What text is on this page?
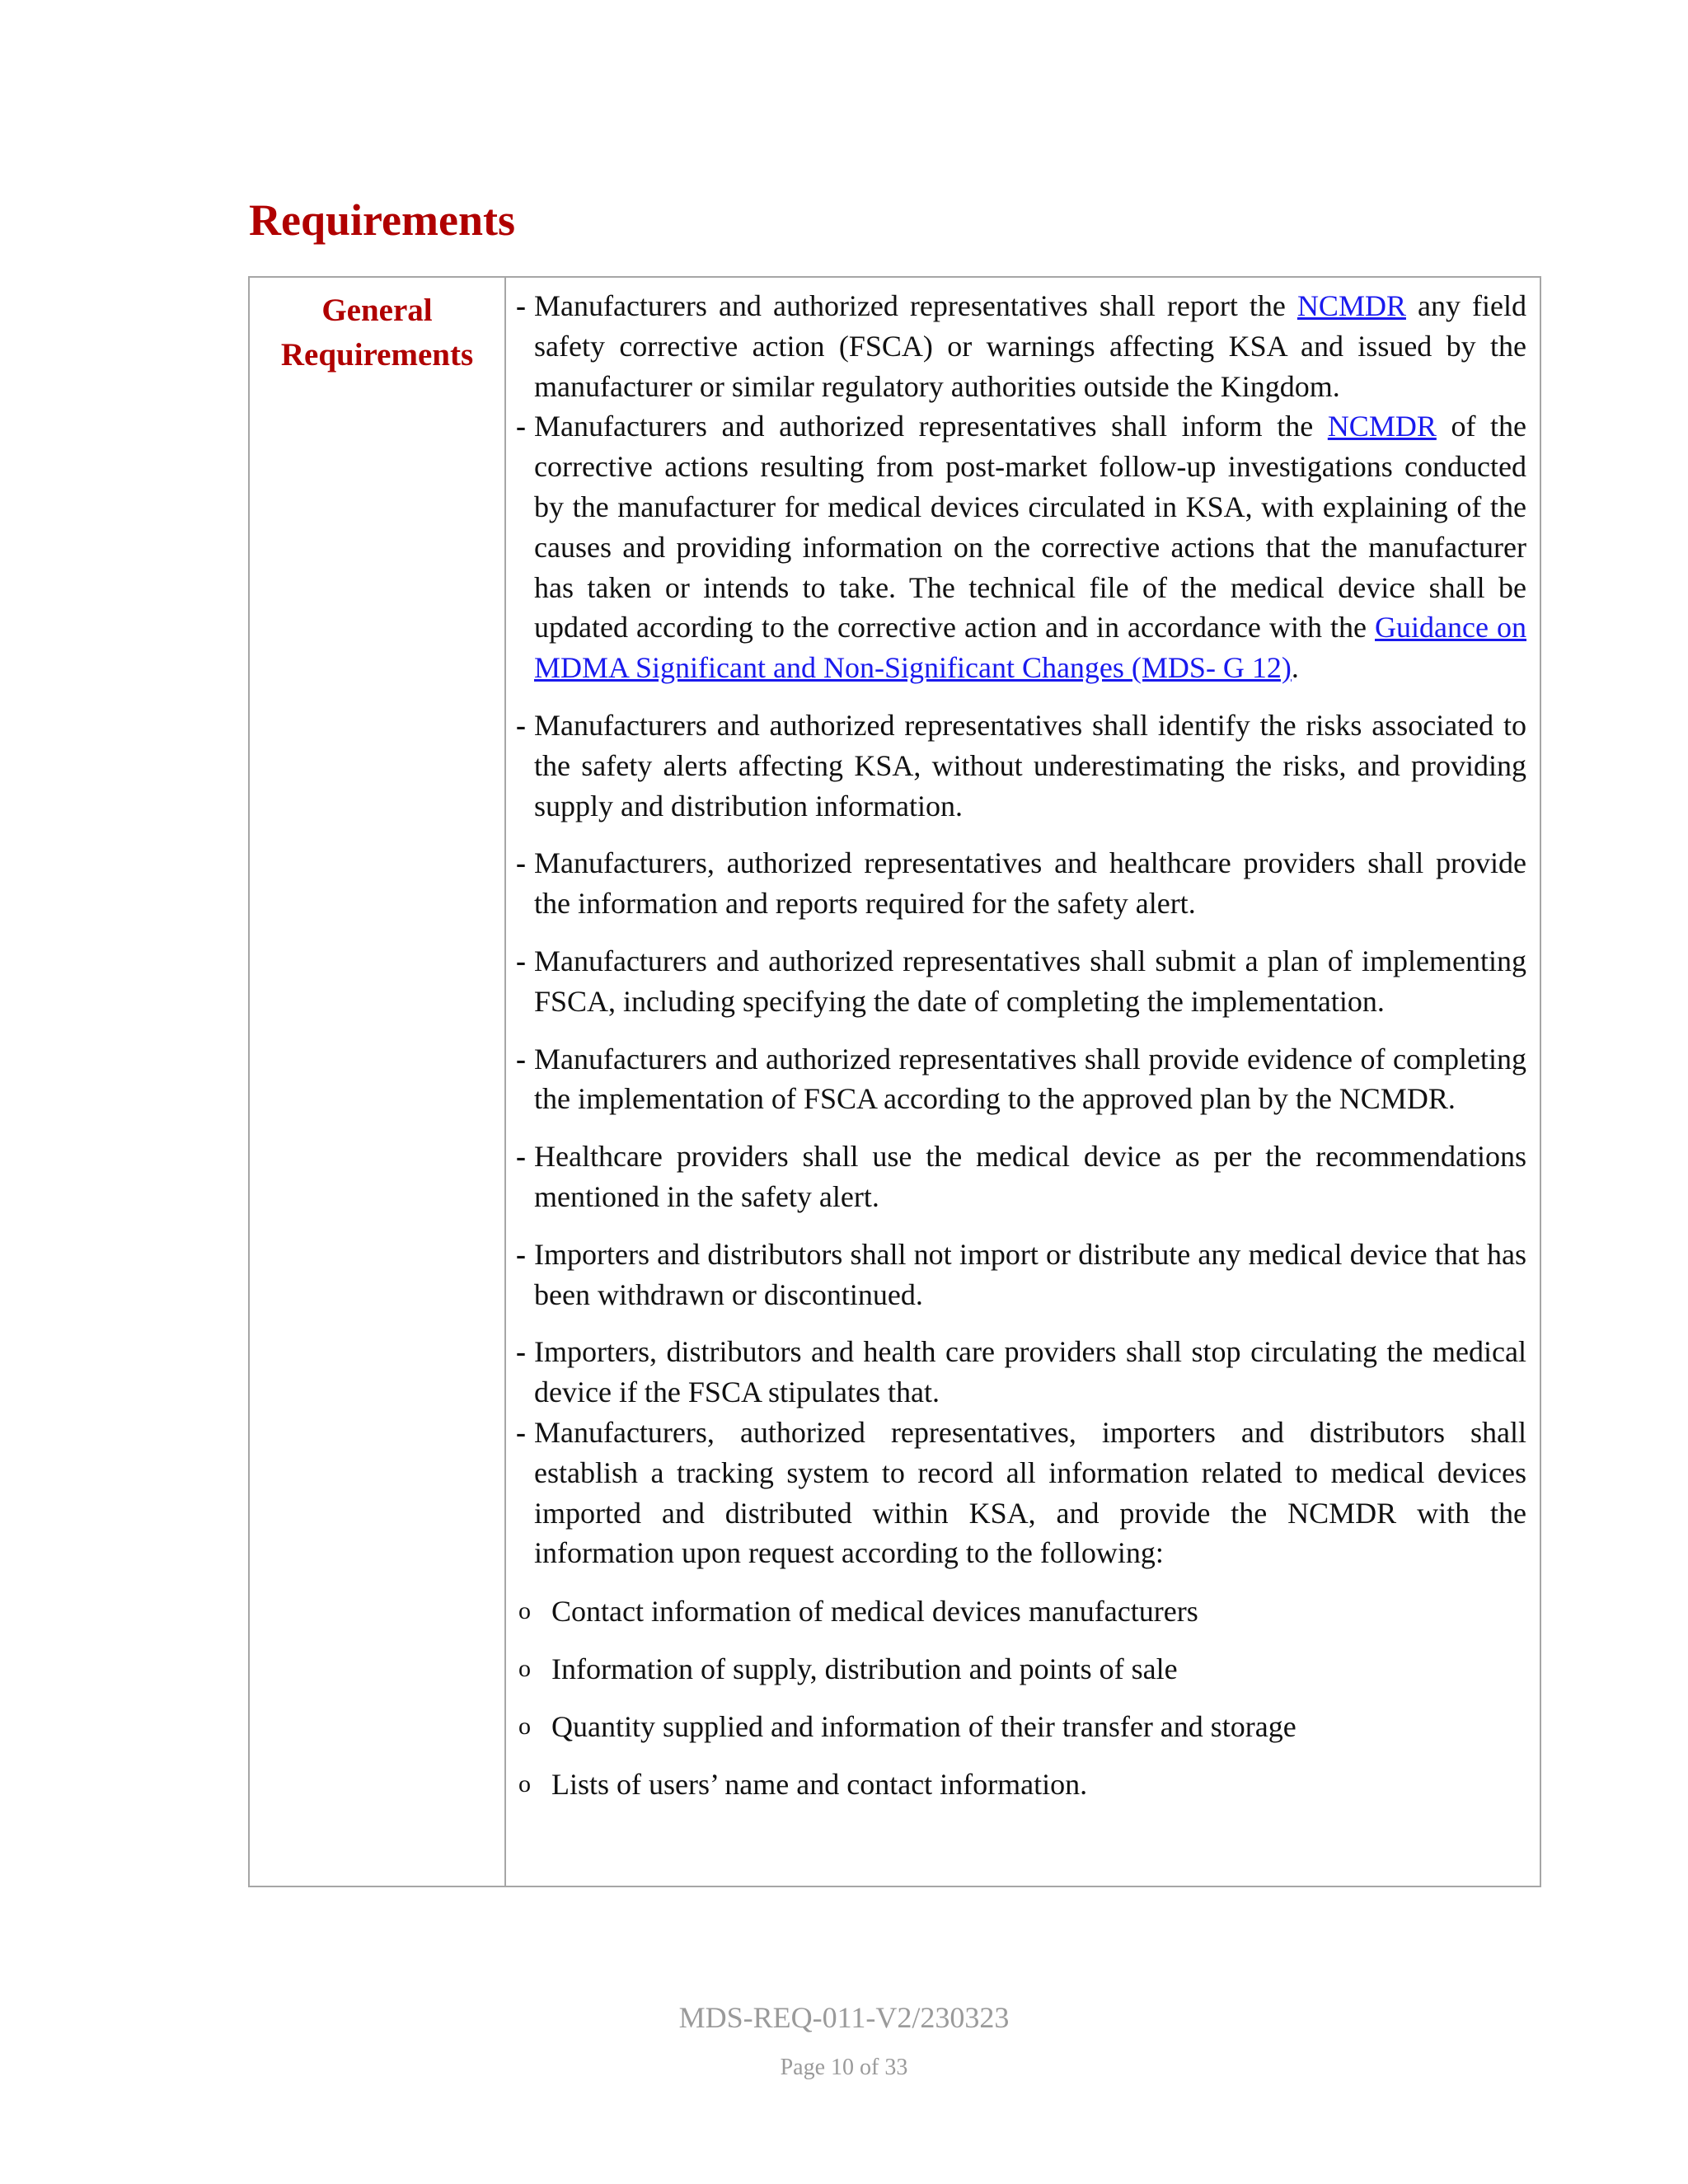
Requirements
General
Requirements
- Manufacturers and authorized representatives shall report the NCMDR any field safety corrective action (FSCA) or warnings affecting KSA and issued by the manufacturer or similar regulatory authorities outside the Kingdom.
- Manufacturers and authorized representatives shall inform the NCMDR of the corrective actions resulting from post-market follow-up investigations conducted by the manufacturer for medical devices circulated in KSA, with explaining of the causes and providing information on the corrective actions that the manufacturer has taken or intends to take. The technical file of the medical device shall be updated according to the corrective action and in accordance with the Guidance on MDMA Significant and Non-Significant Changes (MDS- G 12).
- Manufacturers and authorized representatives shall identify the risks associated to the safety alerts affecting KSA, without underestimating the risks, and providing supply and distribution information.
- Manufacturers, authorized representatives and healthcare providers shall provide the information and reports required for the safety alert.
- Manufacturers and authorized representatives shall submit a plan of implementing FSCA, including specifying the date of completing the implementation.
- Manufacturers and authorized representatives shall provide evidence of completing the implementation of FSCA according to the approved plan by the NCMDR.
- Healthcare providers shall use the medical device as per the recommendations mentioned in the safety alert.
- Importers and distributors shall not import or distribute any medical device that has been withdrawn or discontinued.
- Importers, distributors and health care providers shall stop circulating the medical device if the FSCA stipulates that.
- Manufacturers, authorized representatives, importers and distributors shall establish a tracking system to record all information related to medical devices imported and distributed within KSA, and provide the NCMDR with the information upon request according to the following:
o Contact information of medical devices manufacturers
o Information of supply, distribution and points of sale
o Quantity supplied and information of their transfer and storage
o Lists of users’ name and contact information.
MDS-REQ-011-V2/230323
Page 10 of 33
